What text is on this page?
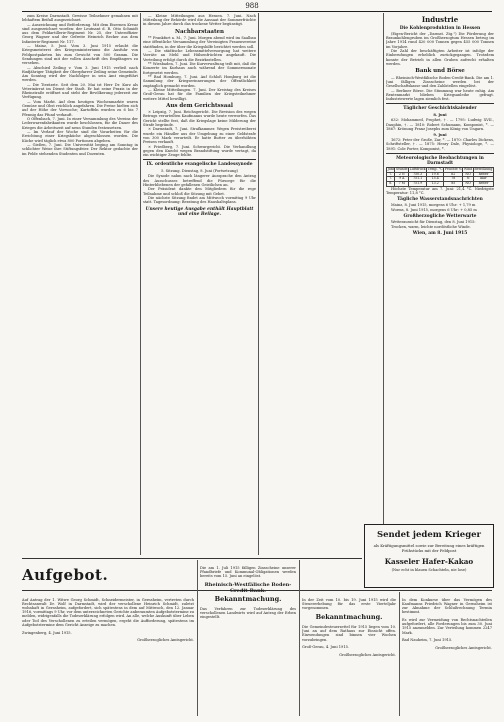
988

zum Kreise Darmstadt. Gewisse Teilnehmer gemahnen mit lebhaftem Beifall ausgezeichnet.

— Auszeichnung und Beförderung. Mit dem Eisernen Kreuz sind ausgezeichnet worden: der Leutnant d. R. Otto Schmidt aus dem Feldartillerie-Regiment Nr. 25, der Unteroffizier Georg Wagner und der Gefreite Heinrich Becker aus dem Infanterie-Regiment Nr. 117.

— Mainz, 5. Juni. Vom 3. Juni 1915 erlaubt die Kriegsmeisterei des Kriegsministeriums die Ausfuhr von Feldpostpaketen bis zum Gewicht von 500 Gramm. Die Sendungen sind mit der vollen Anschrift des Empfängers zu versehen.

— Abschied Zeiling v. Vom 3. Juni 1915 verließ nach fünfjähriger Tätigkeit der Oberpfarrer Zeiling seine Gemeinde. Am Sonntag wird der Nachfolger in sein Amt eingeführt werden.

— Die Tierärzte. Seit dem 20. Mai ist Herr Dr. Kurz als Veterinärrat im Dienst der Stadt. Er hat seine Praxis in der Rheinstraße eröffnet und steht der Bevölkerung jederzeit zur Verfügung.

— Vom Markt. Auf dem heutigen Wochenmarkte waren Gemüse und Obst reichlich angefahren. Die Preise hielten sich auf der Höhe der Vorwoche; Kartoffeln wurden zu 6 bis 7 Pfennig das Pfund verkauft.

O Offenbach, 7. Juni. In einer Versammlung des Vereins der Lederwarenfabrikanten wurde beschlossen, für die Dauer des Krieges die Arbeitszeit auf neun Stunden festzusetzen.

— Im Verlauf der Woche sind die Vorarbeiten für die Errichtung einer Kriegsküche abgeschlossen worden. Die Küche wird täglich etwa 800 Portionen abgeben.

— Gießen, 7. Juni. Die Universität beging am Sonntag in schlichter Weise ihre Stiftungsfeier. Der Rektor gedachte der im Felde stehenden Studenten und Dozenten.

— Kleine Mitteilungen aus Hessen. 7. Juni. Nach Mitteilung der Behörde wird die Aussaat der Sommerfrüchte in diesem Jahre durch das trockene Wetter begünstigt.

Nachbarstaaten

** Frankfurt a. M., 7. Juni. Morgen abend wird im Saalbau eine öffentliche Versammlung der Vereinigten Frauenvereine stattfinden, in der über die Kriegshilfe berichtet werden soll.

— Die städtische Lebensmittelversorgung hat weitere Vorräte an Mehl und Hülsenfrüchten angekauft. Die Verteilung erfolgt durch die Bezirksstellen.

** Wiesbaden, 7. Juni. Die Kurverwaltung teilt mit, daß die Konzerte im Kurhaus auch während der Sommermonate fortgesetzt werden.

** Bad Homburg, 7. Juni. Auf Schloß Homburg ist die Sammlung der Kriegserinnerungen der Öffentlichkeit zugänglich gemacht worden.

— Kleine Mitteilungen. 7. Juni. Der Kreistag des Kreises Groß-Gerau hat für die Familien der Kriegsteilnehmer weitere Mittel bewilligt.

Aus dem Gerichtssaal

× Leipzig, 7. Juni. Reichsgericht. Die Revision des wegen Betrugs verurteilten Kaufmanns wurde heute verworfen. Das Gericht stellte fest, daß die Kriegslage keine Milderung der Strafe begründe.

× Darmstadt, 7. Juni. Strafkammer. Wegen Preistreiberei wurde ein Händler aus der Umgebung zu einer Geldstrafe von 300 Mark verurteilt. Er hatte Butter zu überhöhten Preisen verkauft.

× Friedberg, 7. Juni. Schwurgericht. Die Verhandlung gegen den Knecht wegen Brandstiftung wurde vertagt, da ein wichtiger Zeuge fehlte.

IX. ordentliche evangelische Landessynode
5. Sitzung. Dienstag, 8. Juni (Fortsetzung)

Die Synode nahm nach längerer Aussprache den Antrag des Ausschusses betreffend die Fürsorge für die Hinterbliebenen der gefallenen Geistlichen an.

Der Präsident dankte den Mitgliedern für die rege Teilnahme und schloß die Sitzung mit Gebet.

Die nächste Sitzung findet am Mittwoch vormittag 9 Uhr statt. Tagesordnung: Beratung des Haushaltsplans.

Unsere heutige Ausgabe enthält Hauptblatt und eine Beilage.
Industrie
Die Kohlenproduktion in Hessen

(Eigen-Bericht der „Darmst. Ztg.") Die Förderung der Braunkohlengruben im Großherzogtum Hessen betrug im Jahre 1914 rund 420 000 Tonnen gegen 455 000 Tonnen im Vorjahre.

Die Zahl der beschäftigten Arbeiter ist infolge der Einberufungen erheblich zurückgegangen. Trotzdem konnte der Betrieb in allen Gruben aufrecht erhalten werden.

Bank und Börse

— Rheinisch-Westfälische Boden-Credit-Bank. Die am 1. Juni fälligen Zinsscheine werden bei der Gesellschaftskasse und den Zahlstellen eingelöst.

— Berliner Börse. Die Stimmung war heute ruhig. Am Rentenmarkt blieben Kriegsanleihe gefragt. Industriewerte lagen ziemlich fest.

Täglicher Geschichtskalender
8. Juni

632: Mohammed, Prophet, †. — 1795: Ludwig XVII., Dauphin, †. — 1810: Robert Schumann, Komponist, *. — 1867: Krönung Franz Josephs zum König von Ungarn.

9. Juni

1672: Peter der Große, Zar, *. — 1870: Charles Dickens, Schriftsteller, †. — 1875: Henry Dale, Physiologe, *. — 1891: Cole Porter, Komponist, *.

Meteorologische Beobachtungen in Darmstadt
Juni	Stunde	Luftdruck	Temp. °C	Feuchte %	Wind	Bewölkung
7.	2 N	750.3	19.6	62	NO	heiter
7.	9 A	751.1	15.4	78	N	klar
8.	7 M	751.9	13.2	85	NO	heiter

Höchste Temperatur am 7. Juni: 21,4 °C. Niedrigste Temperatur: 11,8 °C.

Tägliche Wasserstandsnachrichten

Mainz, 8. Juni 1915, morgens 6 Uhr: + 1,79 m

Worms, 8. Juni 1915, morgens 6 Uhr: + 0,85 m

Großherzogliche Wetterwarte

Wetteraussicht für Dienstag, den 8. Juni 1915:

Trocken, warm, leichte nordöstliche Winde.

Wien, am 8. Juni 1915
Sendet jedem Krieger
als Kräftigungsmittel sowie zur Bereitung eines kräftigen Frühstücks mit der Feldpost
Kasseler Hafer-Kakao
(Nur echt in blauen Schachteln, nie lose)
Aufgebot.

Auf Antrag der 1. Witwe Georg Schmidt, Schneidermeister, in Gernsheim, vertreten durch Rechtsanwalt Dr. Wolf in Darmstadt, wird der verschollene Heinrich Schmidt, zuletzt wohnhaft in Gernsheim, aufgefordert, sich spätestens in dem auf Mittwoch, den 12. Januar 1916, vormittags 9 Uhr, vor dem unterzeichneten Gerichte anberaumten Aufgebotstermine zu melden, widrigenfalls die Todeserklärung erfolgen wird. An alle, welche Auskunft über Leben oder Tod des Verschollenen zu erteilen vermögen, ergeht die Aufforderung, spätestens im Aufgebotstermine dem Gericht Anzeige zu machen.

Zwingenberg, 4. Juni 1915.

Großherzogliches Amtsgericht.

Die am 1. Juli 1915 fälligen Zinsscheine unserer Pfandbriefe und Kommunal-Obligationen werden bereits vom 15. Juni an eingelöst.

Rheinisch-Westfälische Boden-Credit-Bank.
Bekanntmachung.

Das Verfahren zur Todeserklärung des verschollenen Landwirts wird auf Antrag der Erben eingestellt.

In der Zeit vom 10. bis 19. Juni 1915 wird die Steuererhebung für das erste Vierteljahr vorgenommen.

Bekanntmachung.

Die Gemeindesteuerzettel für 1915 liegen vom 10. Juni an auf dem Rathaus zur Einsicht offen. Einwendungen sind binnen vier Wochen vorzubringen.

Groß-Gerau, 4. Juni 1915.

Großherzogliches Amtsgericht.

In dem Konkurse über das Vermögen des Kaufmanns Friedrich Wagner in Gernsheim ist zur Abnahme der Schlußrechnung Termin bestimmt.

Es wird zur Vermeidung von Rechtsnachteilen aufgefordert, alle Forderungen bis zum 30. Juni 1915 anzumelden. Zur Verteilung kommen 2247 Mark.

Bad Nauheim, 7. Juni 1915.

Großherzogliches Amtsgericht.
